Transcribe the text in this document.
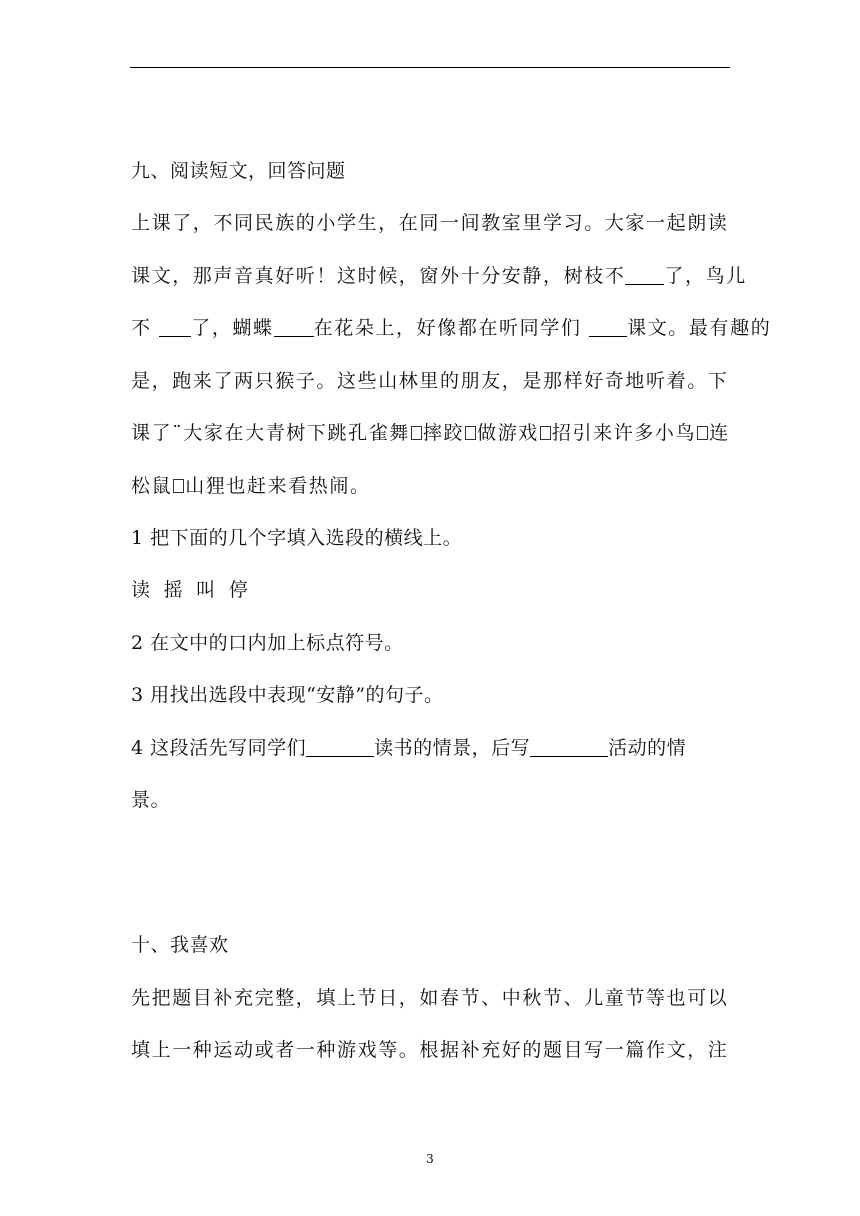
九、阅读短文，回答问题
上课了，不同民族的小学生，在同一间教室里学习。大家一起朗读
课文，那声音真好听！这时候，窗外十分安静，树枝不 了，鸟儿
不 了，蝴蝶 在花朵上，好像都在听同学们 课文。最有趣的
是，跑来了两只猴子。这些山林里的朋友，是那样好奇地听着。下
课了¨大家在大青树下跳孔雀舞 摔跤 做游戏 招引来许多小鸟 连
松鼠 山狸也赶来看热闹。
1 把下面的几个字填入选段的横线上。
读  摇  叫  停
2 在文中的口内加上标点符号。
3 用找出选段中表现“安静”的句子。
4 这段活先写同学们	读书的情景，后写	活动的情
景。
十、我喜欢
先把题目补充完整，填上节日，如春节、中秋节、儿童节等也可以
填上一种运动或者一种游戏等。根据补充好的题目写一篇作文，注
3
